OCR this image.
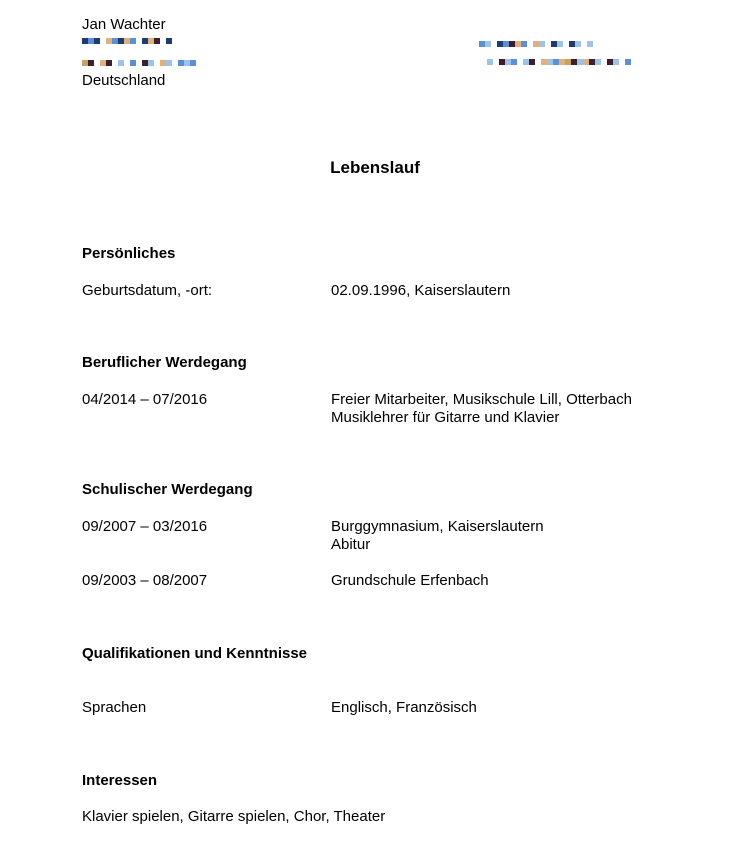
Jan Wachter
Deutschland
Lebenslauf
Persönliches
Geburtsdatum, -ort:	02.09.1996, Kaiserslautern
Beruflicher Werdegang
04/2014 – 07/2016	Freier Mitarbeiter, Musikschule Lill, Otterbach
Musiklehrer für Gitarre und Klavier
Schulischer Werdegang
09/2007 – 03/2016	Burggymnasium, Kaiserslautern
Abitur
09/2003 – 08/2007	Grundschule Erfenbach
Qualifikationen und Kenntnisse
Sprachen	Englisch, Französisch
Interessen
Klavier spielen, Gitarre spielen, Chor, Theater
